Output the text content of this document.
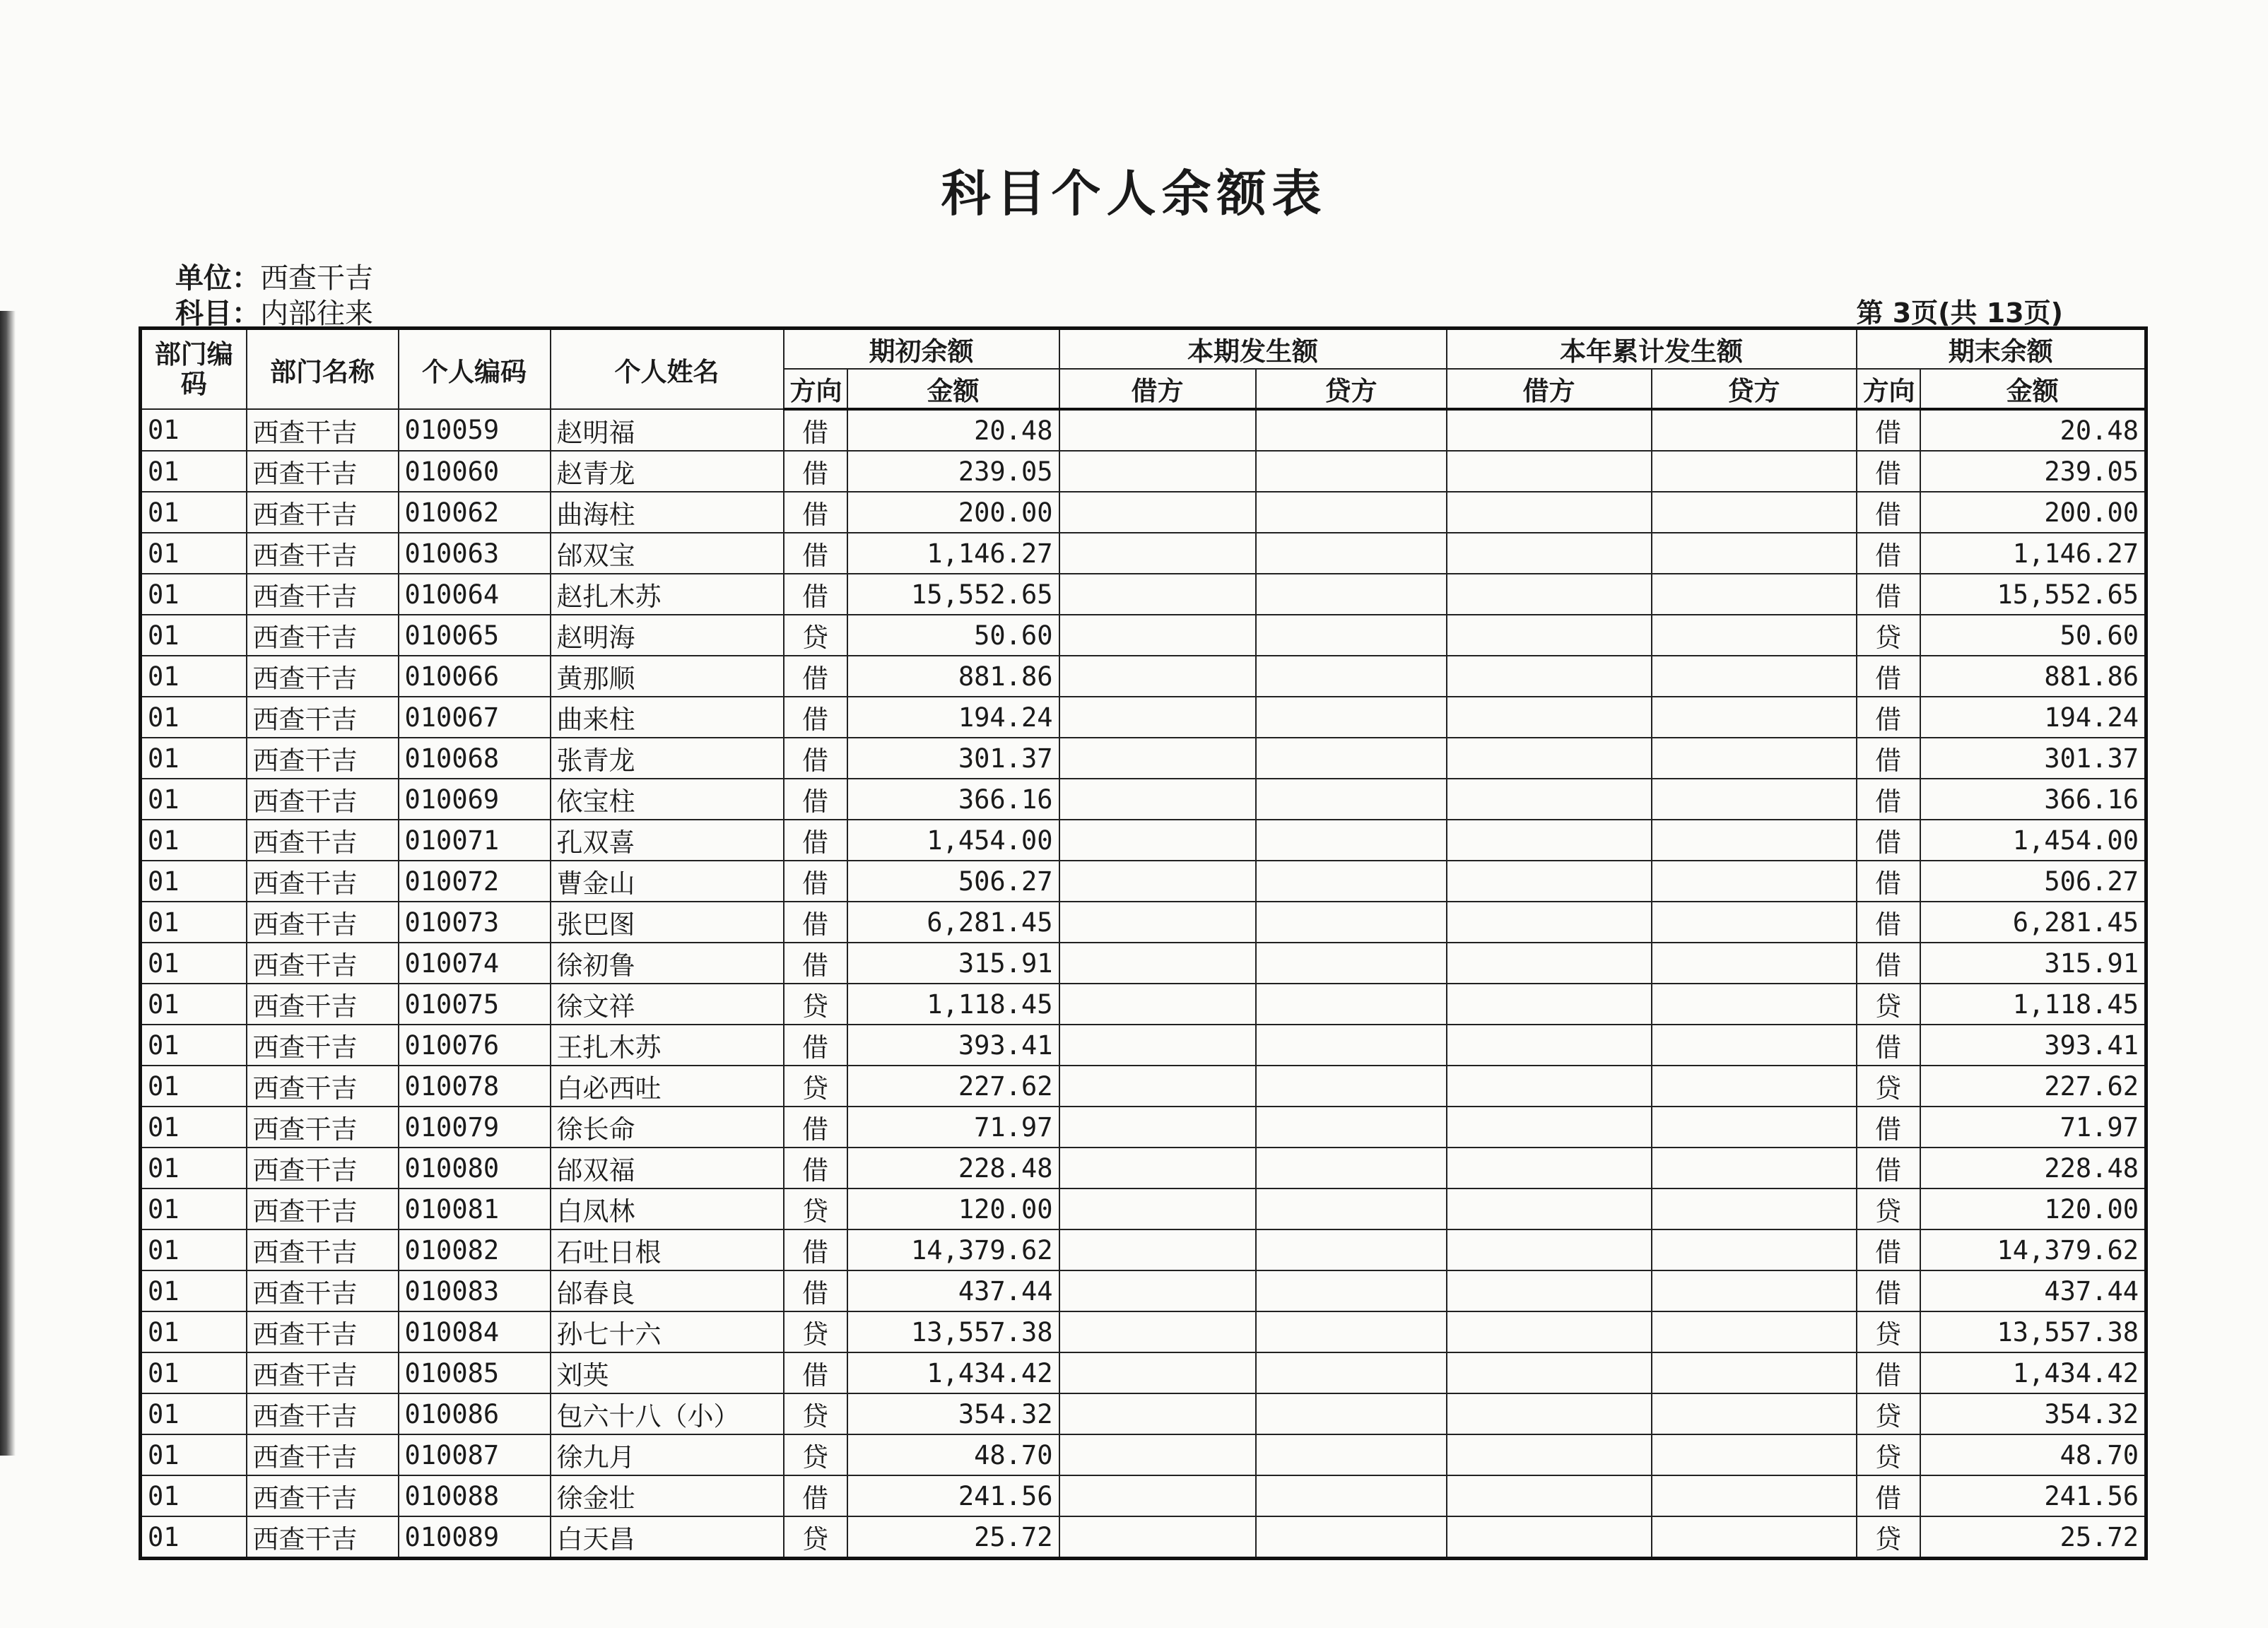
科目个人余额表
单位：西查干吉
科目：内部往来	第 3页(共 13页)
部门编码	部门名称	个人编码	个人姓名	期初余额		本期发生额		本年累计发生额		期末余额	
				方向	金额	借方	贷方	借方	贷方	方向	金额
01	西查干吉	010059	赵明福	借	20.48					借	20.48
01	西查干吉	010060	赵青龙	借	239.05					借	239.05
01	西查干吉	010062	曲海柱	借	200.00					借	200.00
01	西查干吉	010063	邰双宝	借	1,146.27					借	1,146.27
01	西查干吉	010064	赵扎木苏	借	15,552.65					借	15,552.65
01	西查干吉	010065	赵明海	贷	50.60					贷	50.60
01	西查干吉	010066	黄那顺	借	881.86					借	881.86
01	西查干吉	010067	曲来柱	借	194.24					借	194.24
01	西查干吉	010068	张青龙	借	301.37					借	301.37
01	西查干吉	010069	依宝柱	借	366.16					借	366.16
01	西查干吉	010071	孔双喜	借	1,454.00					借	1,454.00
01	西查干吉	010072	曹金山	借	506.27					借	506.27
01	西查干吉	010073	张巴图	借	6,281.45					借	6,281.45
01	西查干吉	010074	徐初鲁	借	315.91					借	315.91
01	西查干吉	010075	徐文祥	贷	1,118.45					贷	1,118.45
01	西查干吉	010076	王扎木苏	借	393.41					借	393.41
01	西查干吉	010078	白必西吐	贷	227.62					贷	227.62
01	西查干吉	010079	徐长命	借	71.97					借	71.97
01	西查干吉	010080	邰双福	借	228.48					借	228.48
01	西查干吉	010081	白凤林	贷	120.00					贷	120.00
01	西查干吉	010082	石吐日根	借	14,379.62					借	14,379.62
01	西查干吉	010083	邰春良	借	437.44					借	437.44
01	西查干吉	010084	孙七十六	贷	13,557.38					贷	13,557.38
01	西查干吉	010085	刘英	借	1,434.42					借	1,434.42
01	西查干吉	010086	包六十八（小）	贷	354.32					贷	354.32
01	西查干吉	010087	徐九月	贷	48.70					贷	48.70
01	西查干吉	010088	徐金壮	借	241.56					借	241.56
01	西查干吉	010089	白天昌	贷	25.72					贷	25.72
